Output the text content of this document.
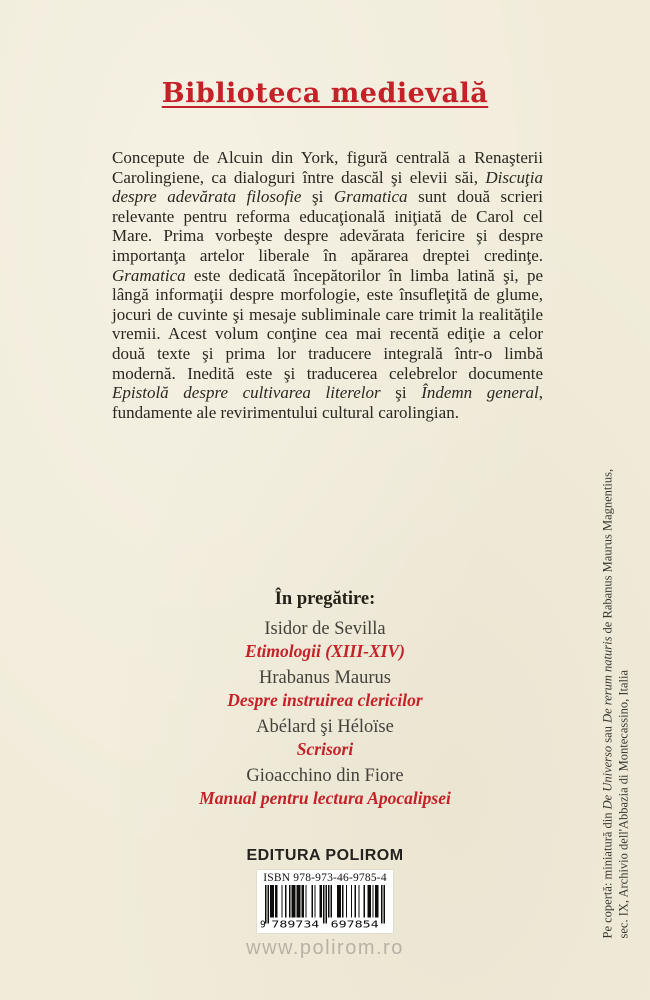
Biblioteca medievală

Concepute de Alcuin din York, figură centrală a Renaşterii Carolingiene, ca dialoguri între dascăl şi elevii săi, Discuţia despre adevărata filosofie şi Gramatica sunt două scrieri relevante pentru reforma educaţională iniţiată de Carol cel Mare. Prima vorbeşte despre adevărata fericire şi despre importanţa artelor liberale în apărarea dreptei credinţe. Gramatica este dedicată începătorilor în limba latină şi, pe lângă informaţii despre morfologie, este însufleţită de glume, jocuri de cuvinte şi mesaje subliminale care trimit la realităţile vremii. Acest volum conţine cea mai recentă ediţie a celor două texte şi prima lor traducere integrală într-o limbă modernă. Inedită este şi traducerea celebrelor documente Epistolă despre cultivarea literelor şi Îndemn general, fundamente ale revirimentului cultural carolingian.

În pregătire:
Isidor de Sevilla
Etimologii (XIII-XIV)
Hrabanus Maurus
Despre instruirea clericilor
Abélard şi Héloïse
Scrisori
Gioacchino din Fiore
Manual pentru lectura Apocalipsei
EDITURA POLIROM
ISBN 978-973-46-9785-4
9 789734 697854
www.polirom.ro
Pe copertă: miniatură din De Universo sau De rerum naturis de Rabanus Maurus Magnentius,
sec. IX, Archivio dell'Abbazia di Montecassino, Italia
